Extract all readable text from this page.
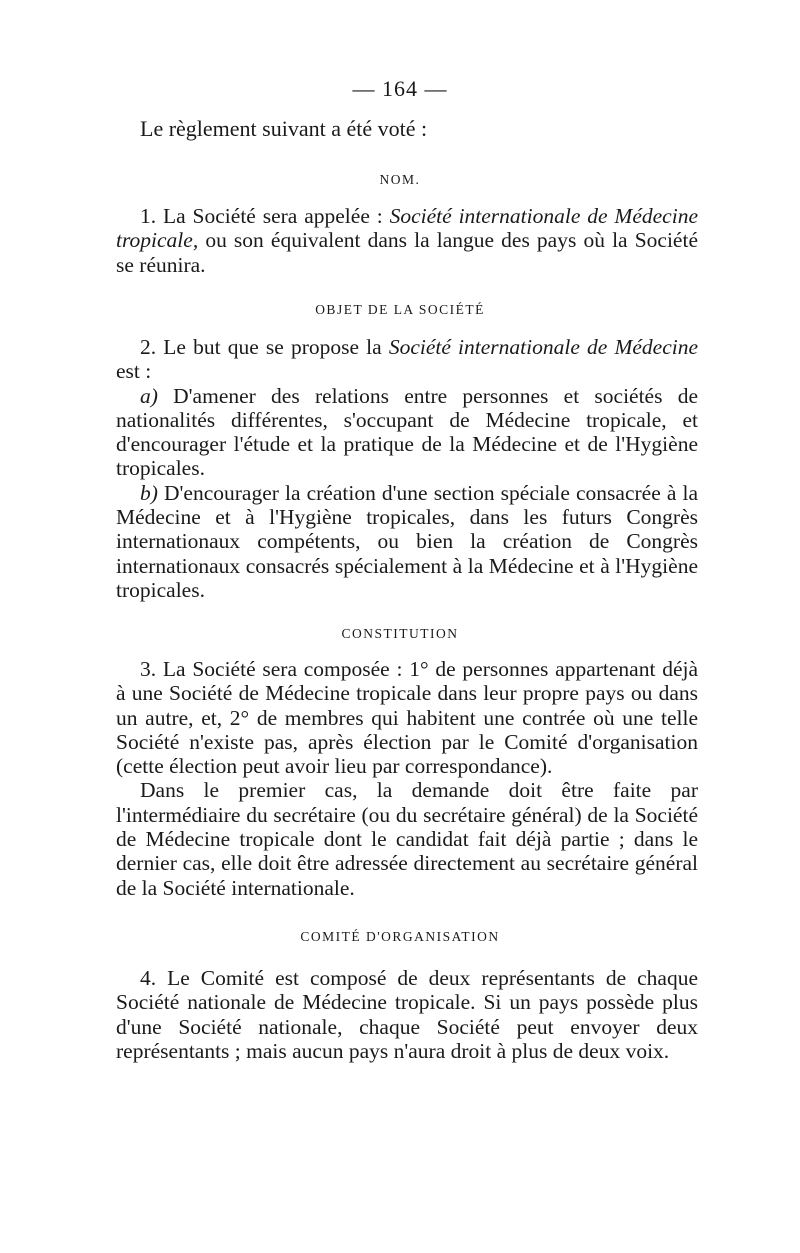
— 164 —
Le règlement suivant a été voté :
NOM.

1. La Société sera appelée : Société internationale de Médecine tropicale, ou son équivalent dans la langue des pays où la Société se réunira.

OBJET DE LA SOCIÉTÉ

2. Le but que se propose la Société internationale de Médecine est :

a) D'amener des relations entre personnes et sociétés de nationalités différentes, s'occupant de Médecine tropicale, et d'encourager l'étude et la pratique de la Médecine et de l'Hygiène tropicales.

b) D'encourager la création d'une section spéciale consacrée à la Médecine et à l'Hygiène tropicales, dans les futurs Congrès internationaux compétents, ou bien la création de Congrès internationaux consacrés spécialement à la Médecine et à l'Hygiène tropicales.

CONSTITUTION

3. La Société sera composée : 1° de personnes appartenant déjà à une Société de Médecine tropicale dans leur propre pays ou dans un autre, et, 2° de membres qui habitent une contrée où une telle Société n'existe pas, après élection par le Comité d'organisation (cette élection peut avoir lieu par correspondance).

Dans le premier cas, la demande doit être faite par l'intermédiaire du secrétaire (ou du secrétaire général) de la Société de Médecine tropicale dont le candidat fait déjà partie ; dans le dernier cas, elle doit être adressée directement au secrétaire général de la Société internationale.

COMITÉ D'ORGANISATION

4. Le Comité est composé de deux représentants de chaque Société nationale de Médecine tropicale. Si un pays possède plus d'une Société nationale, chaque Société peut envoyer deux représentants ; mais aucun pays n'aura droit à plus de deux voix.
